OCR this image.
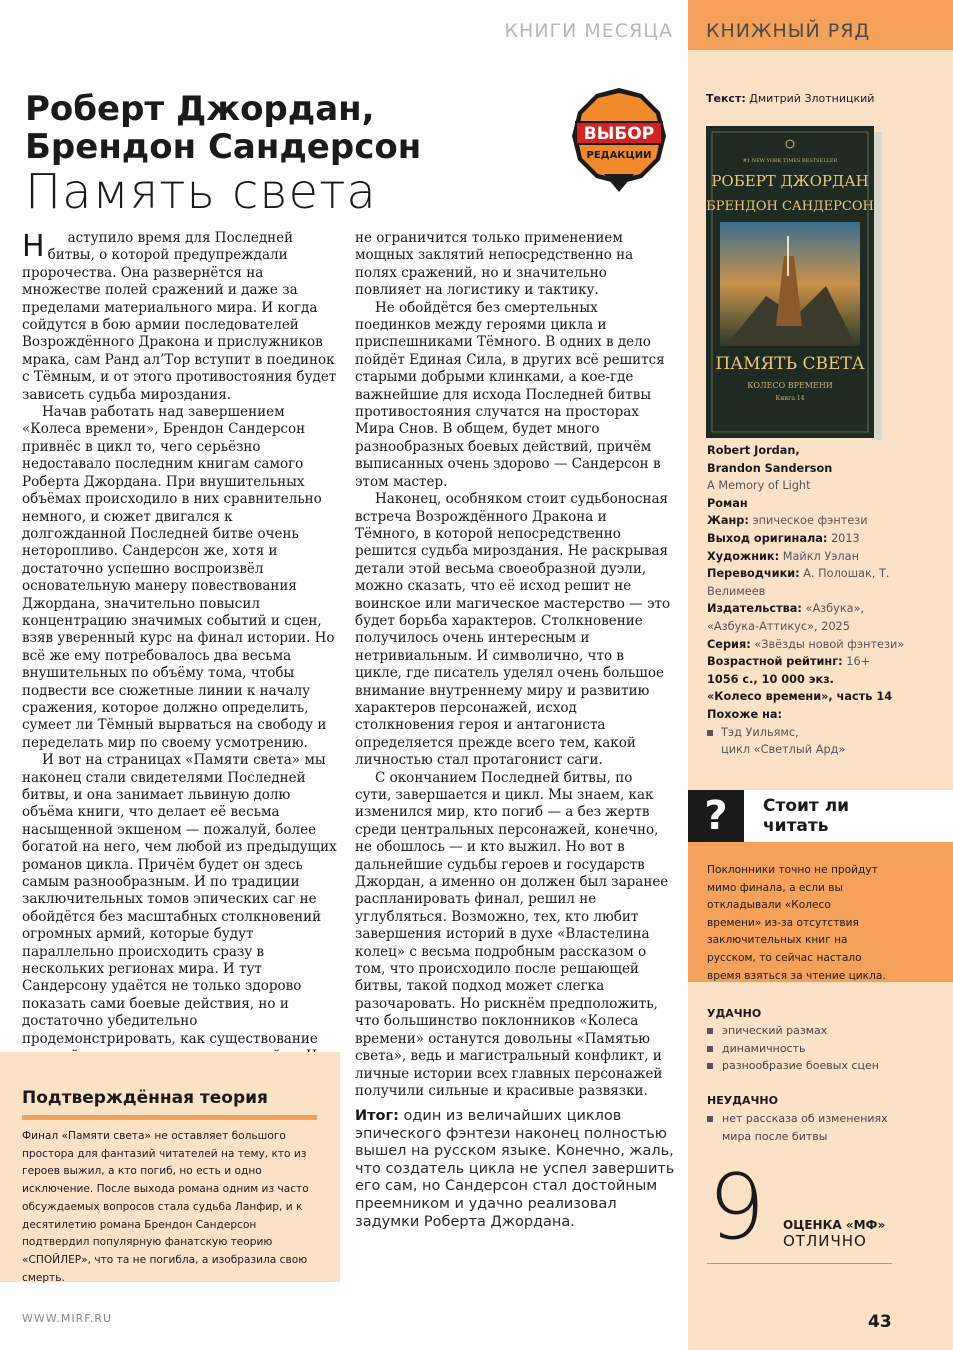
КНИГИ МЕСЯЦА КНИЖНЫЙ РЯД
Роберт Джордан,
Брендон Сандерсон
Память света
ВЫБОР
РЕДАКЦИИ

Н аступило время для Последней битвы, о которой предупреждали пророчества. Она развернётся на множестве полей сражений и даже за пределами материального мира. И когда сойдутся в бою армии последователей Возрождённого Дракона и прислужников мрака, сам Ранд ал’Тор вступит в поединок с Тёмным, и от этого противостояния будет зависеть судьба мироздания.

Начав работать над завершением «Колеса времени», Брендон Сандерсон привнёс в цикл то, чего серьёзно недоставало последним книгам самого Роберта Джордана. При внушительных объёмах происходило в них сравнительно немного, и сюжет двигался к долгожданной Последней битве очень неторопливо. Сандерсон же, хотя и достаточно успешно воспроизвёл основательную манеру повествования Джордана, значительно повысил концентрацию значимых событий и сцен, взяв уверенный курс на финал истории. Но всё же ему потребовалось два весьма внушительных по объёму тома, чтобы подвести все сюжетные линии к началу сражения, которое должно определить, сумеет ли Тёмный вырваться на свободу и переделать мир по своему усмотрению.

И вот на страницах «Памяти света» мы наконец стали свидетелями Последней битвы, и она занимает львиную долю объёма книги, что делает её весьма насыщенной экшеном — пожалуй, более богатой на него, чем любой из предыдущих романов цикла. Причём будет он здесь самым разнообразным. И по традиции заключительных томов эпических саг не обойдётся без масштабных столкновений огромных армий, которые будут параллельно происходить сразу в нескольких регионах мира. И тут Сандерсону удаётся не только здорово показать сами боевые действия, но и достаточно убедительно продемонстрировать, как существование

не ограничится только применением мощных заклятий непосредственно на полях сражений, но и значительно повлияет на логистику и тактику.

Не обойдётся без смертельных поединков между героями цикла и приспешниками Тёмного. В одних в дело пойдёт Единая Сила, в других всё решится старыми добрыми клинками, а кое-где важнейшие для исхода Последней битвы противостояния случатся на просторах Мира Снов. В общем, будет много разнообразных боевых действий, причём выписанных очень здорово — Сандерсон в этом мастер.

Наконец, особняком стоит судьбоносная встреча Возрождённого Дракона и Тёмного, в которой непосредственно решится судьба мироздания. Не раскрывая детали этой весьма своеобразной дуэли, можно сказать, что её исход решит не воинское или магическое мастерство — это будет борьба характеров. Столкновение получилось очень интересным и нетривиальным. И символично, что в цикле, где писатель уделял очень большое внимание внутреннему миру и развитию характеров персонажей, исход столкновения героя и антагониста определяется прежде всего тем, какой личностью стал протагонист саги.

С окончанием Последней битвы, по сути, завершается и цикл. Мы знаем, как изменился мир, кто погиб — а без жертв среди центральных персонажей, конечно, не обошлось — и кто выжил. Но вот в дальнейшие судьбы героев и государств Джордан, а именно он должен был заранее распланировать финал, решил не углубляться. Возможно, тех, кто любит завершения историй в духе «Властелина колец» с весьма подробным рассказом о том, что происходило после решающей битвы, такой подход может слегка разочаровать. Но рискнём предположить, что большинство поклонников «Колеса времени» останутся довольны «Памятью света», ведь и магистральный конфликт, и личные истории всех главных персонажей получили сильные и красивые развязки.

Итог: один из величайших циклов эпического фэнтези наконец полностью вышел на русском языке. Конечно, жаль, что создатель цикла не успел завершить его сам, но Сандерсон стал достойным преемником и удачно реализовал задумки Роберта Джордана.
Подтверждённая теория
Финал «Памяти света» не оставляет большого простора для фантазий читателей на тему, кто из героев выжил, а кто погиб, но есть и одно исключение. После выхода романа одним из часто обсуждаемых вопросов стала судьба Ланфир, и к десятилетию романа Брендон Сандерсон подтвердил популярную фанатскую теорию «СПОЙЛЕР», что та не погибла, а изобразила свою смерть.
WWW.MIRF.RU
Текст: Дмитрий Злотницкий
#1 NEW YORK TIMES BESTSELLER
РОБЕРТ ДЖОРДАН
БРЕНДОН САНДЕРСОН
ПАМЯТЬ СВЕТА
КОЛЕСО ВРЕМЕНИ
Книга 14
Robert Jordan,
Brandon Sanderson
A Memory of Light
Роман
Жанр: эпическое фэнтези
Выход оригинала: 2013
Художник: Майкл Уэлан
Переводчики: А. Полошак, Т. Велимеев
Издательства: «Азбука», «Азбука-Аттикус», 2025
Серия: «Звёзды новой фэнтези»
Возрастной рейтинг: 16+
1056 с., 10 000 экз.
«Колесо времени», часть 14
Похоже на:
Тэд Уильямс,
цикл «Светлый Ард»
?	Стоит ли читать
Поклонники точно не пройдут мимо финала, а если вы откладывали «Колесо времени» из-за отсутствия заключительных книг на русском, то сейчас настало время взяться за чтение цикла.
УДАЧНО
эпический размах
динамичность
разнообразие боевых сцен
НЕУДАЧНО
нет рассказа об изменениях мира после битвы
9 ОЦЕНКА «МФ»
ОТЛИЧНО
43
